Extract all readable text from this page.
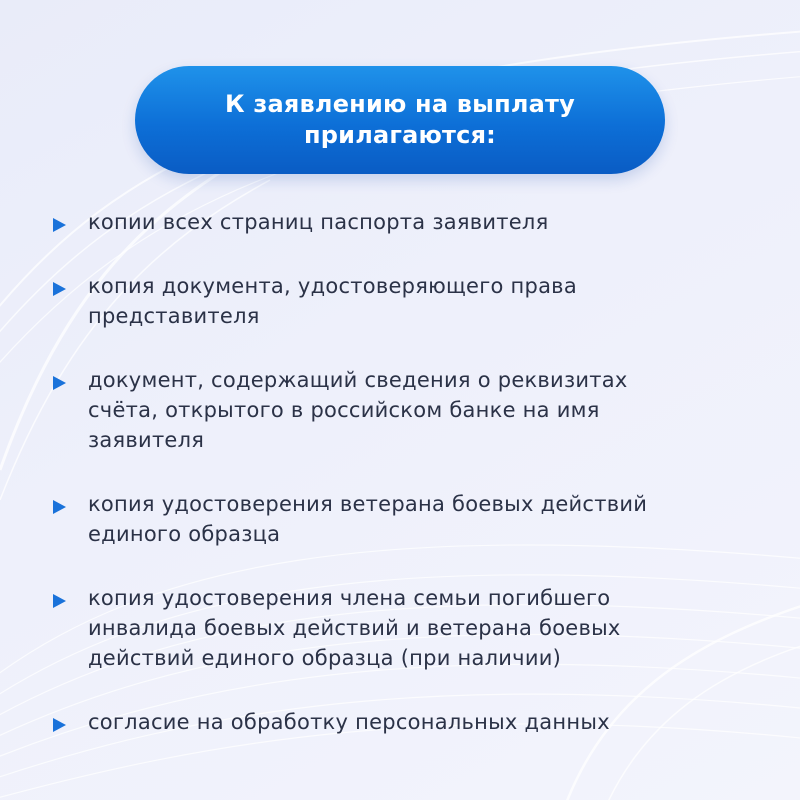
К заявлению на выплату
прилагаются:
копии всех страниц паспорта заявителя
копия документа, удостоверяющего права
представителя
документ, содержащий сведения о реквизитах
счёта, открытого в российском банке на имя
заявителя
копия удостоверения ветерана боевых действий
единого образца
копия удостоверения члена семьи погибшего
инвалида боевых действий и ветерана боевых
действий единого образца (при наличии)
согласие на обработку персональных данных
